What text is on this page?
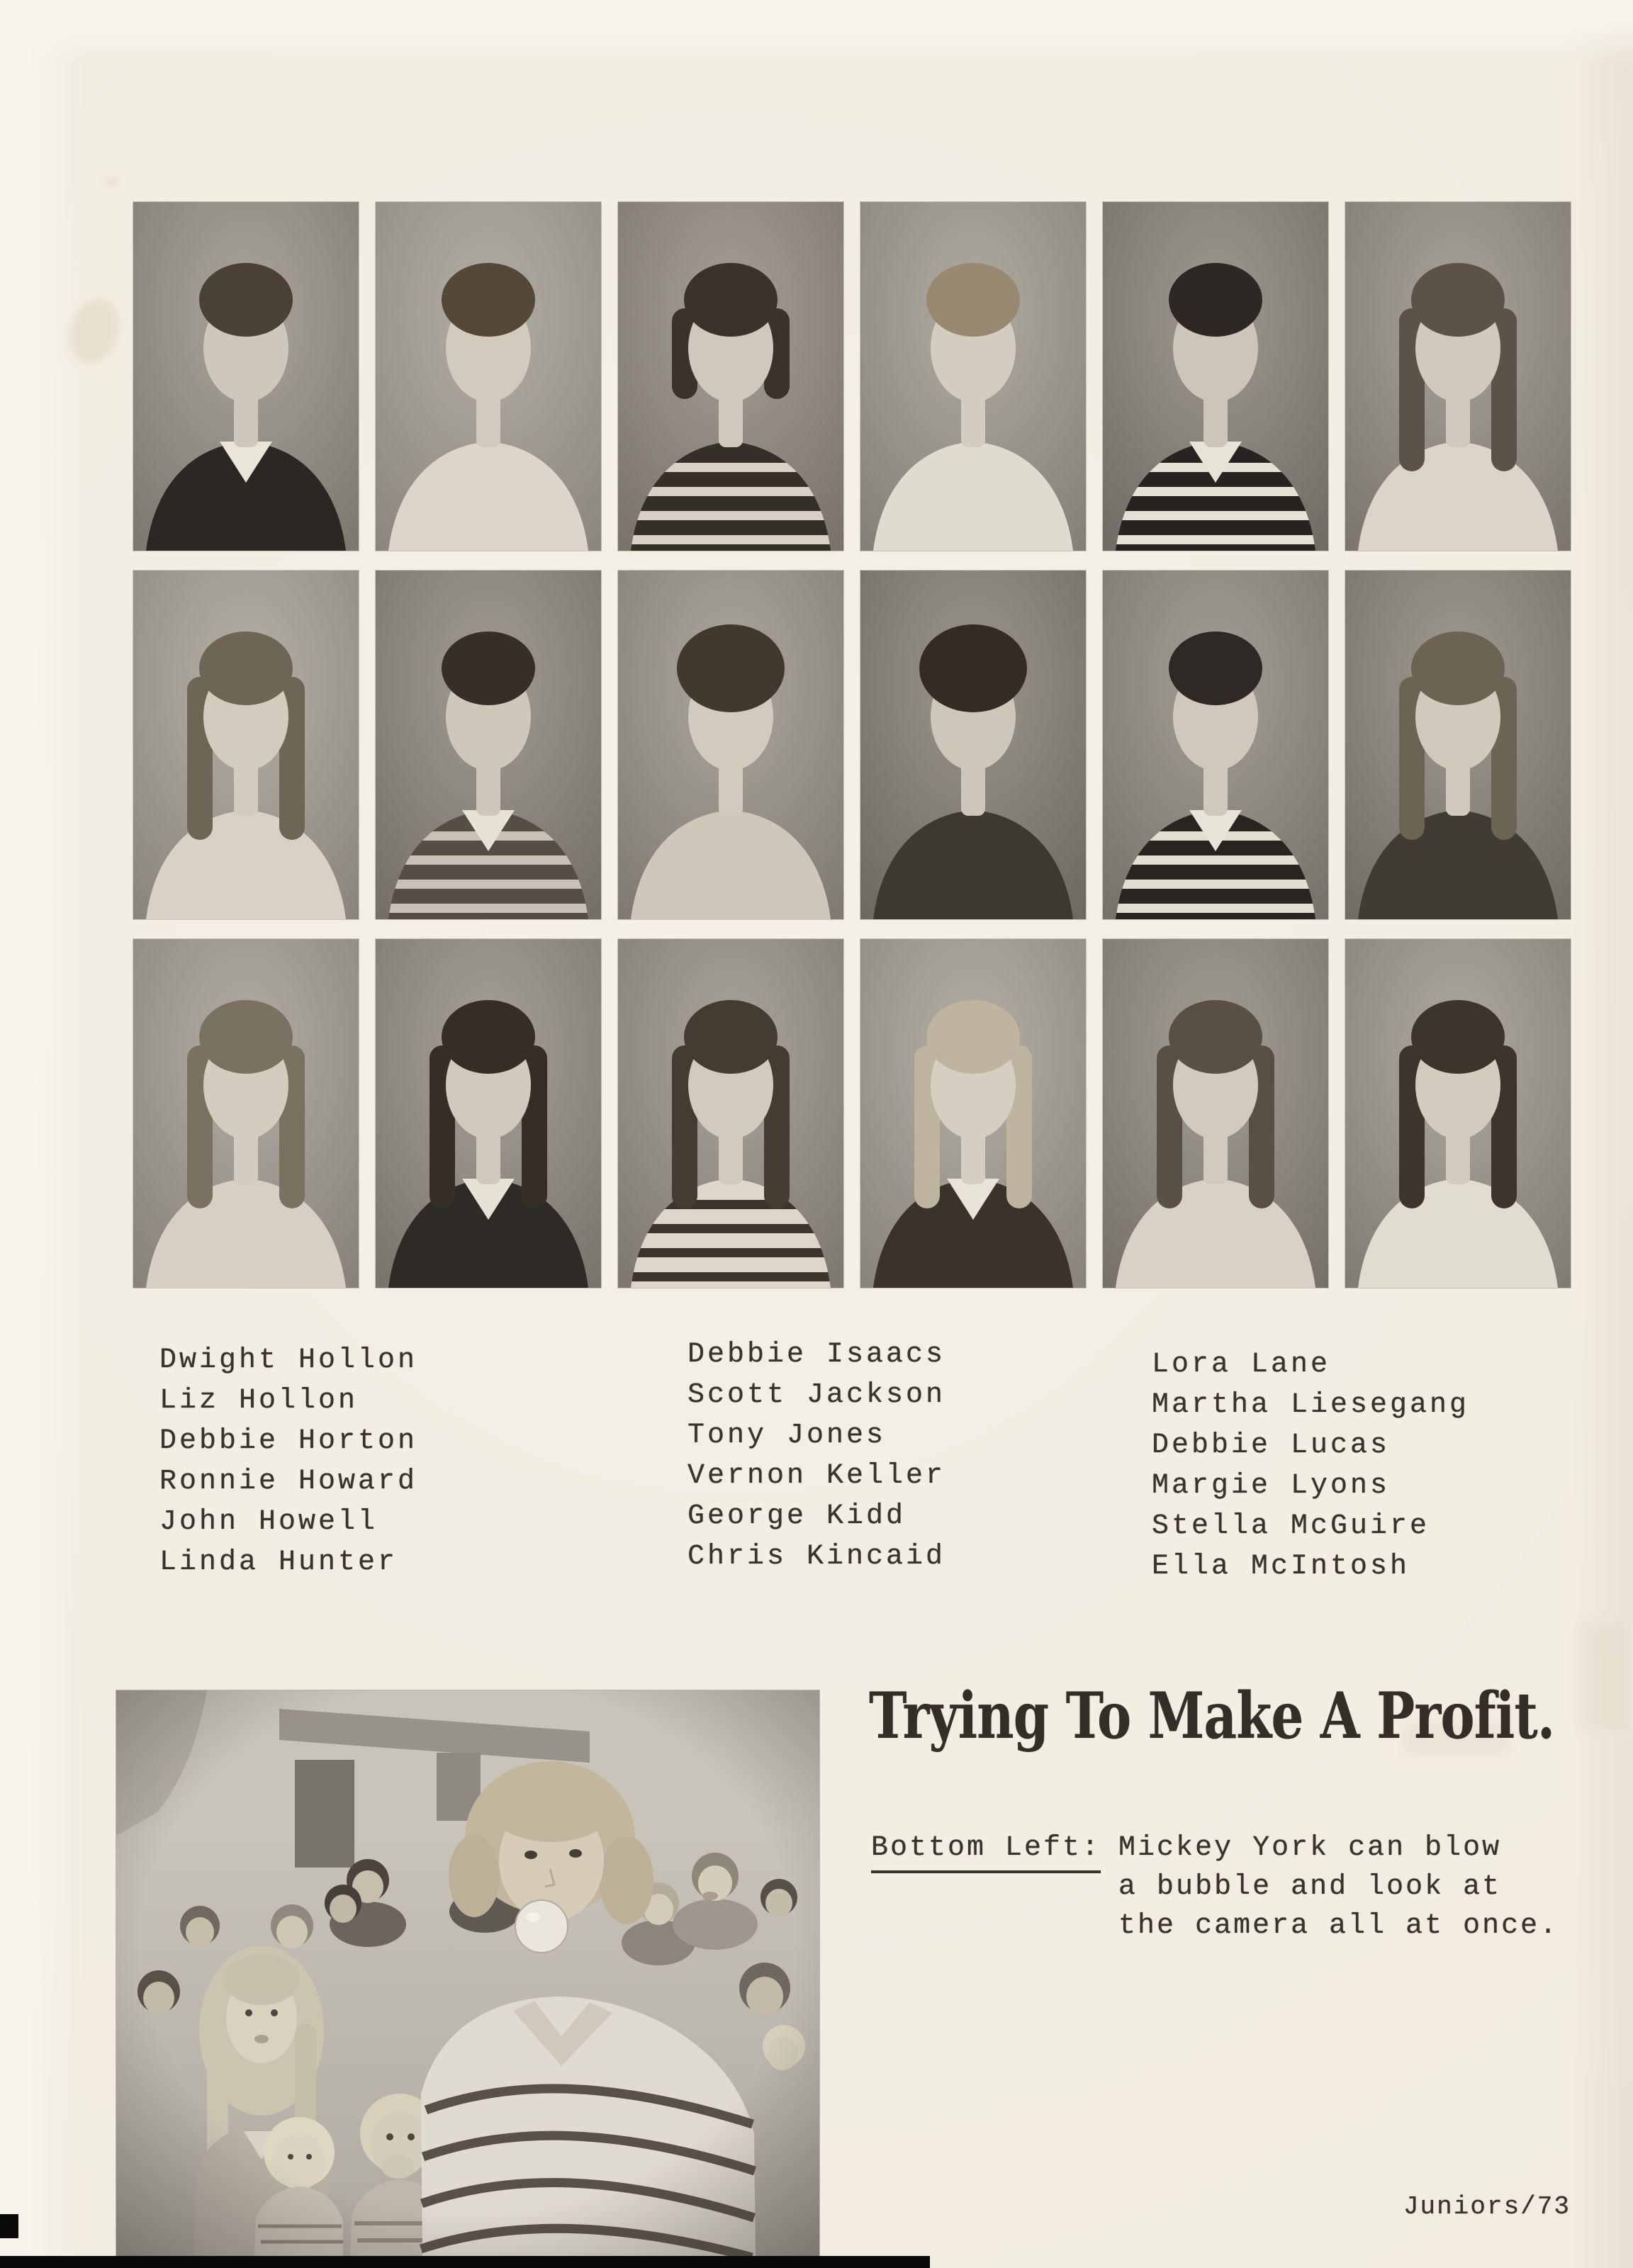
Dwight Hollon
Liz Hollon
Debbie Horton
Ronnie Howard
John Howell
Linda Hunter
Debbie Isaacs
Scott Jackson
Tony Jones
Vernon Keller
George Kidd
Chris Kincaid
Lora Lane
Martha Liesegang
Debbie Lucas
Margie Lyons
Stella McGuire
Ella McIntosh
Trying To Make A Profit.
Bottom Left: Mickey York can blow
a bubble and look at
the camera all at once.
Juniors/73
